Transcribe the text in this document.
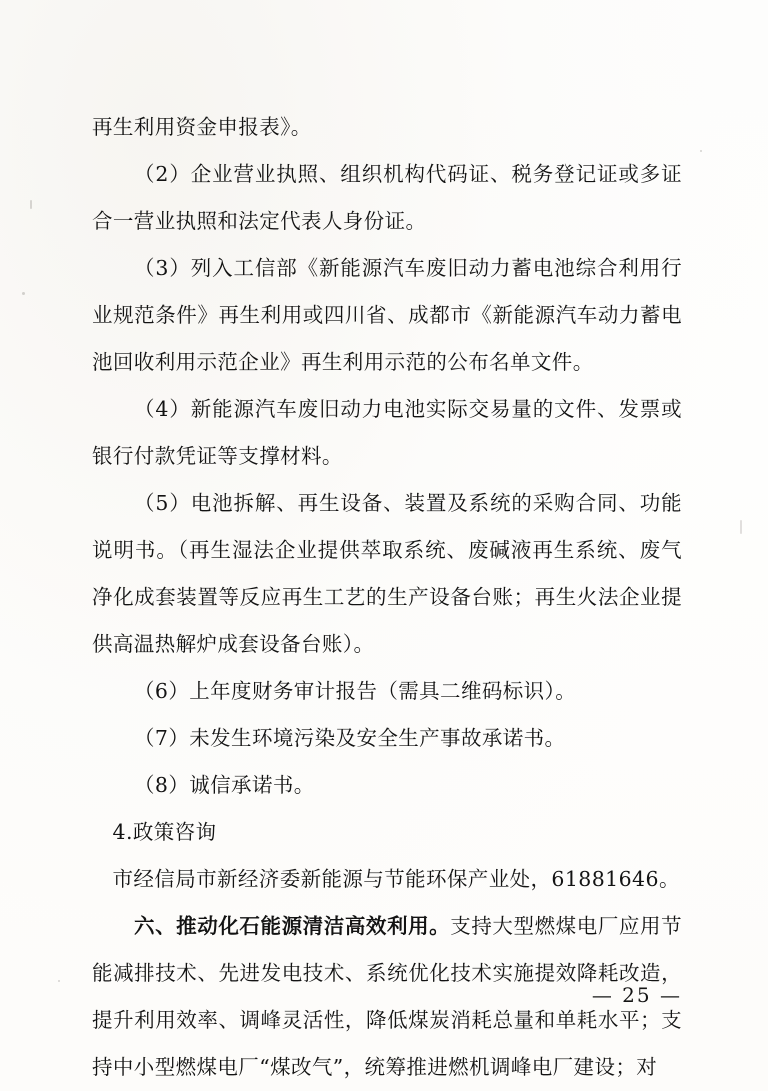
再生利用资金申报表》。

（2）企业营业执照、组织机构代码证、税务登记证或多证合一营业执照和法定代表人身份证。

（3）列入工信部《新能源汽车废旧动力蓄电池综合利用行业规范条件》再生利用或四川省、成都市《新能源汽车动力蓄电池回收利用示范企业》再生利用示范的公布名单文件。

（4）新能源汽车废旧动力电池实际交易量的文件、发票或银行付款凭证等支撑材料。

（5）电池拆解、再生设备、装置及系统的采购合同、功能说明书。（再生湿法企业提供萃取系统、废碱液再生系统、废气净化成套装置等反应再生工艺的生产设备台账；再生火法企业提供高温热解炉成套设备台账）。

（6）上年度财务审计报告（需具二维码标识）。

（7）未发生环境污染及安全生产事故承诺书。

（8）诚信承诺书。

4.政策咨询

市经信局市新经济委新能源与节能环保产业处，61881646。

六、推动化石能源清洁高效利用。支持大型燃煤电厂应用节能减排技术、先进发电技术、系统优化技术实施提效降耗改造，提升利用效率、调峰灵活性，降低煤炭消耗总量和单耗水平；支持中小型燃煤电厂“煤改气”，统筹推进燃机调峰电厂建设；对

— 25 —
